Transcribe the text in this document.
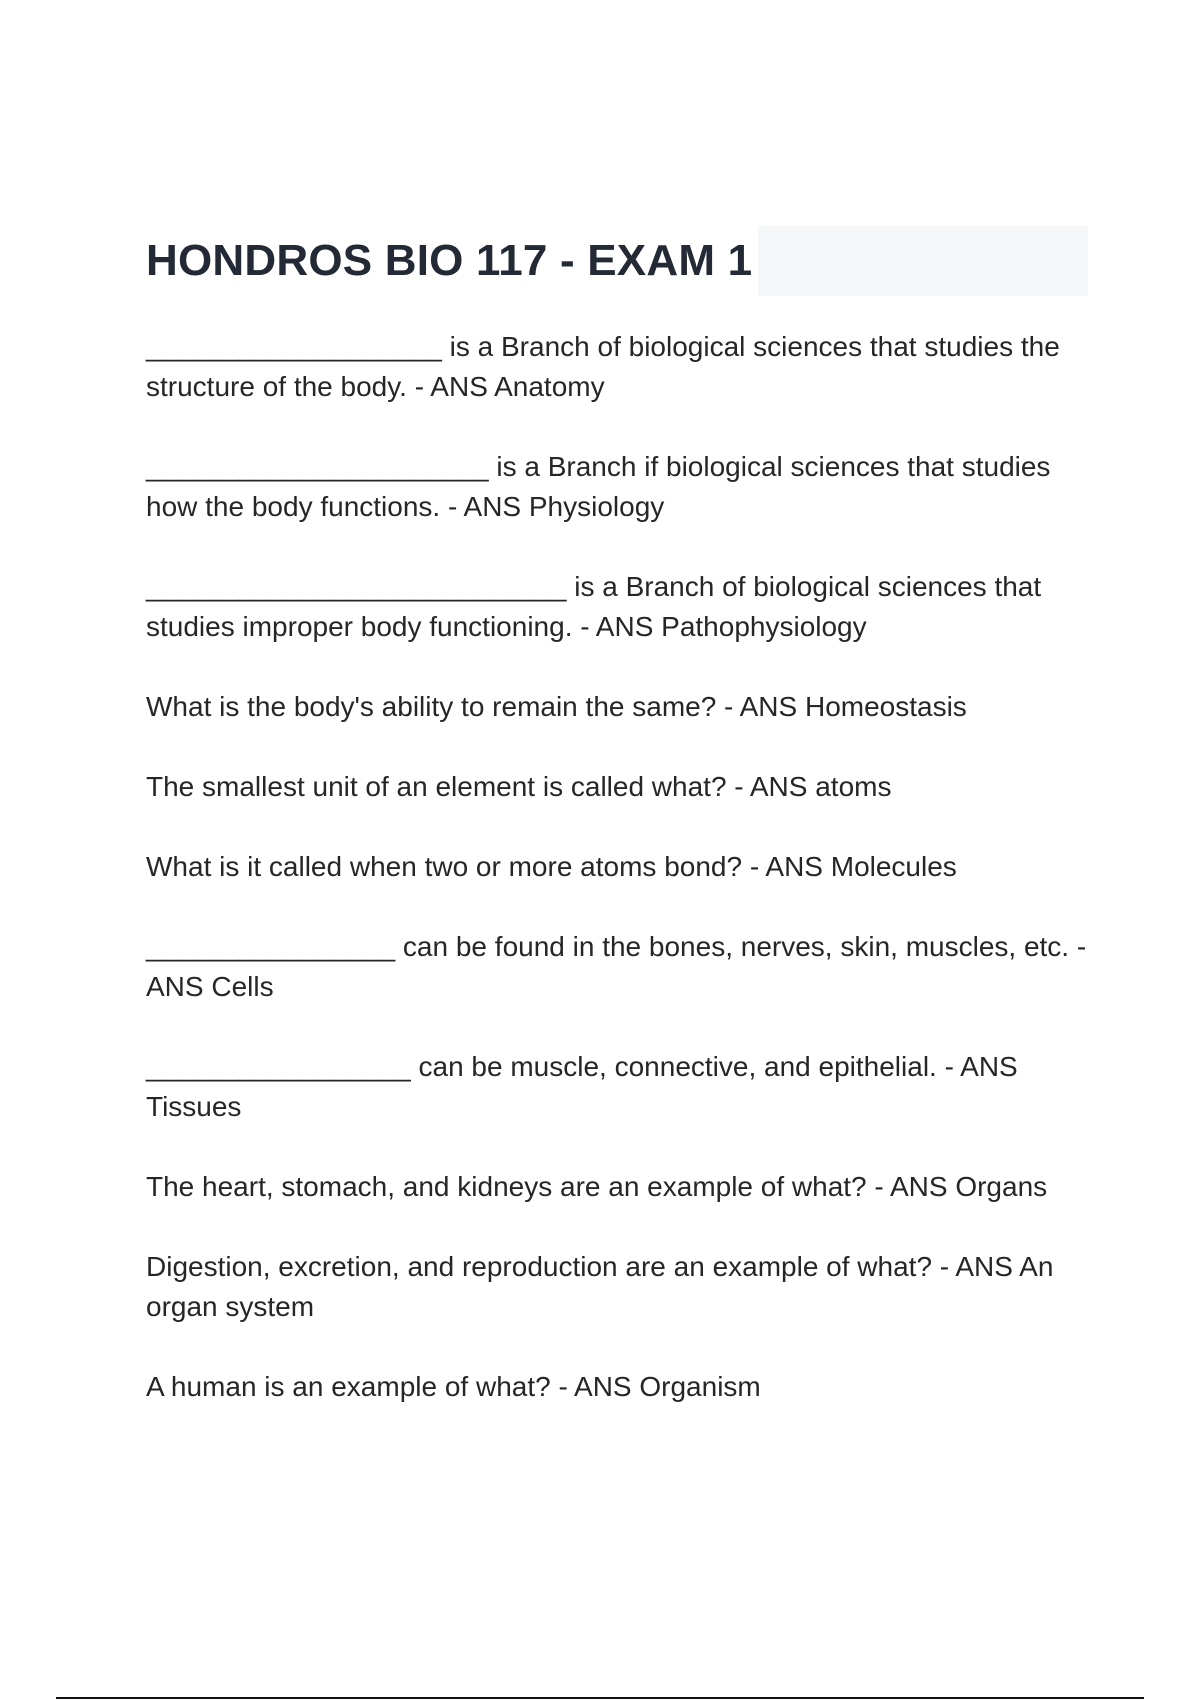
HONDROS BIO 117 - EXAM 1
___________________ is a Branch of biological sciences that studies the structure of the body. - ANS Anatomy
______________________ is a Branch if biological sciences that studies how the body functions. - ANS Physiology
___________________________ is a Branch of biological sciences that studies improper body functioning. - ANS Pathophysiology
What is the body's ability to remain the same? - ANS Homeostasis
The smallest unit of an element is called what? - ANS atoms
What is it called when two or more atoms bond? - ANS Molecules
________________ can be found in the bones, nerves, skin, muscles, etc. - ANS Cells
_________________ can be muscle, connective, and epithelial. - ANS Tissues
The heart, stomach, and kidneys are an example of what? - ANS Organs
Digestion, excretion, and reproduction are an example of what? - ANS An organ system
A human is an example of what? - ANS Organism
